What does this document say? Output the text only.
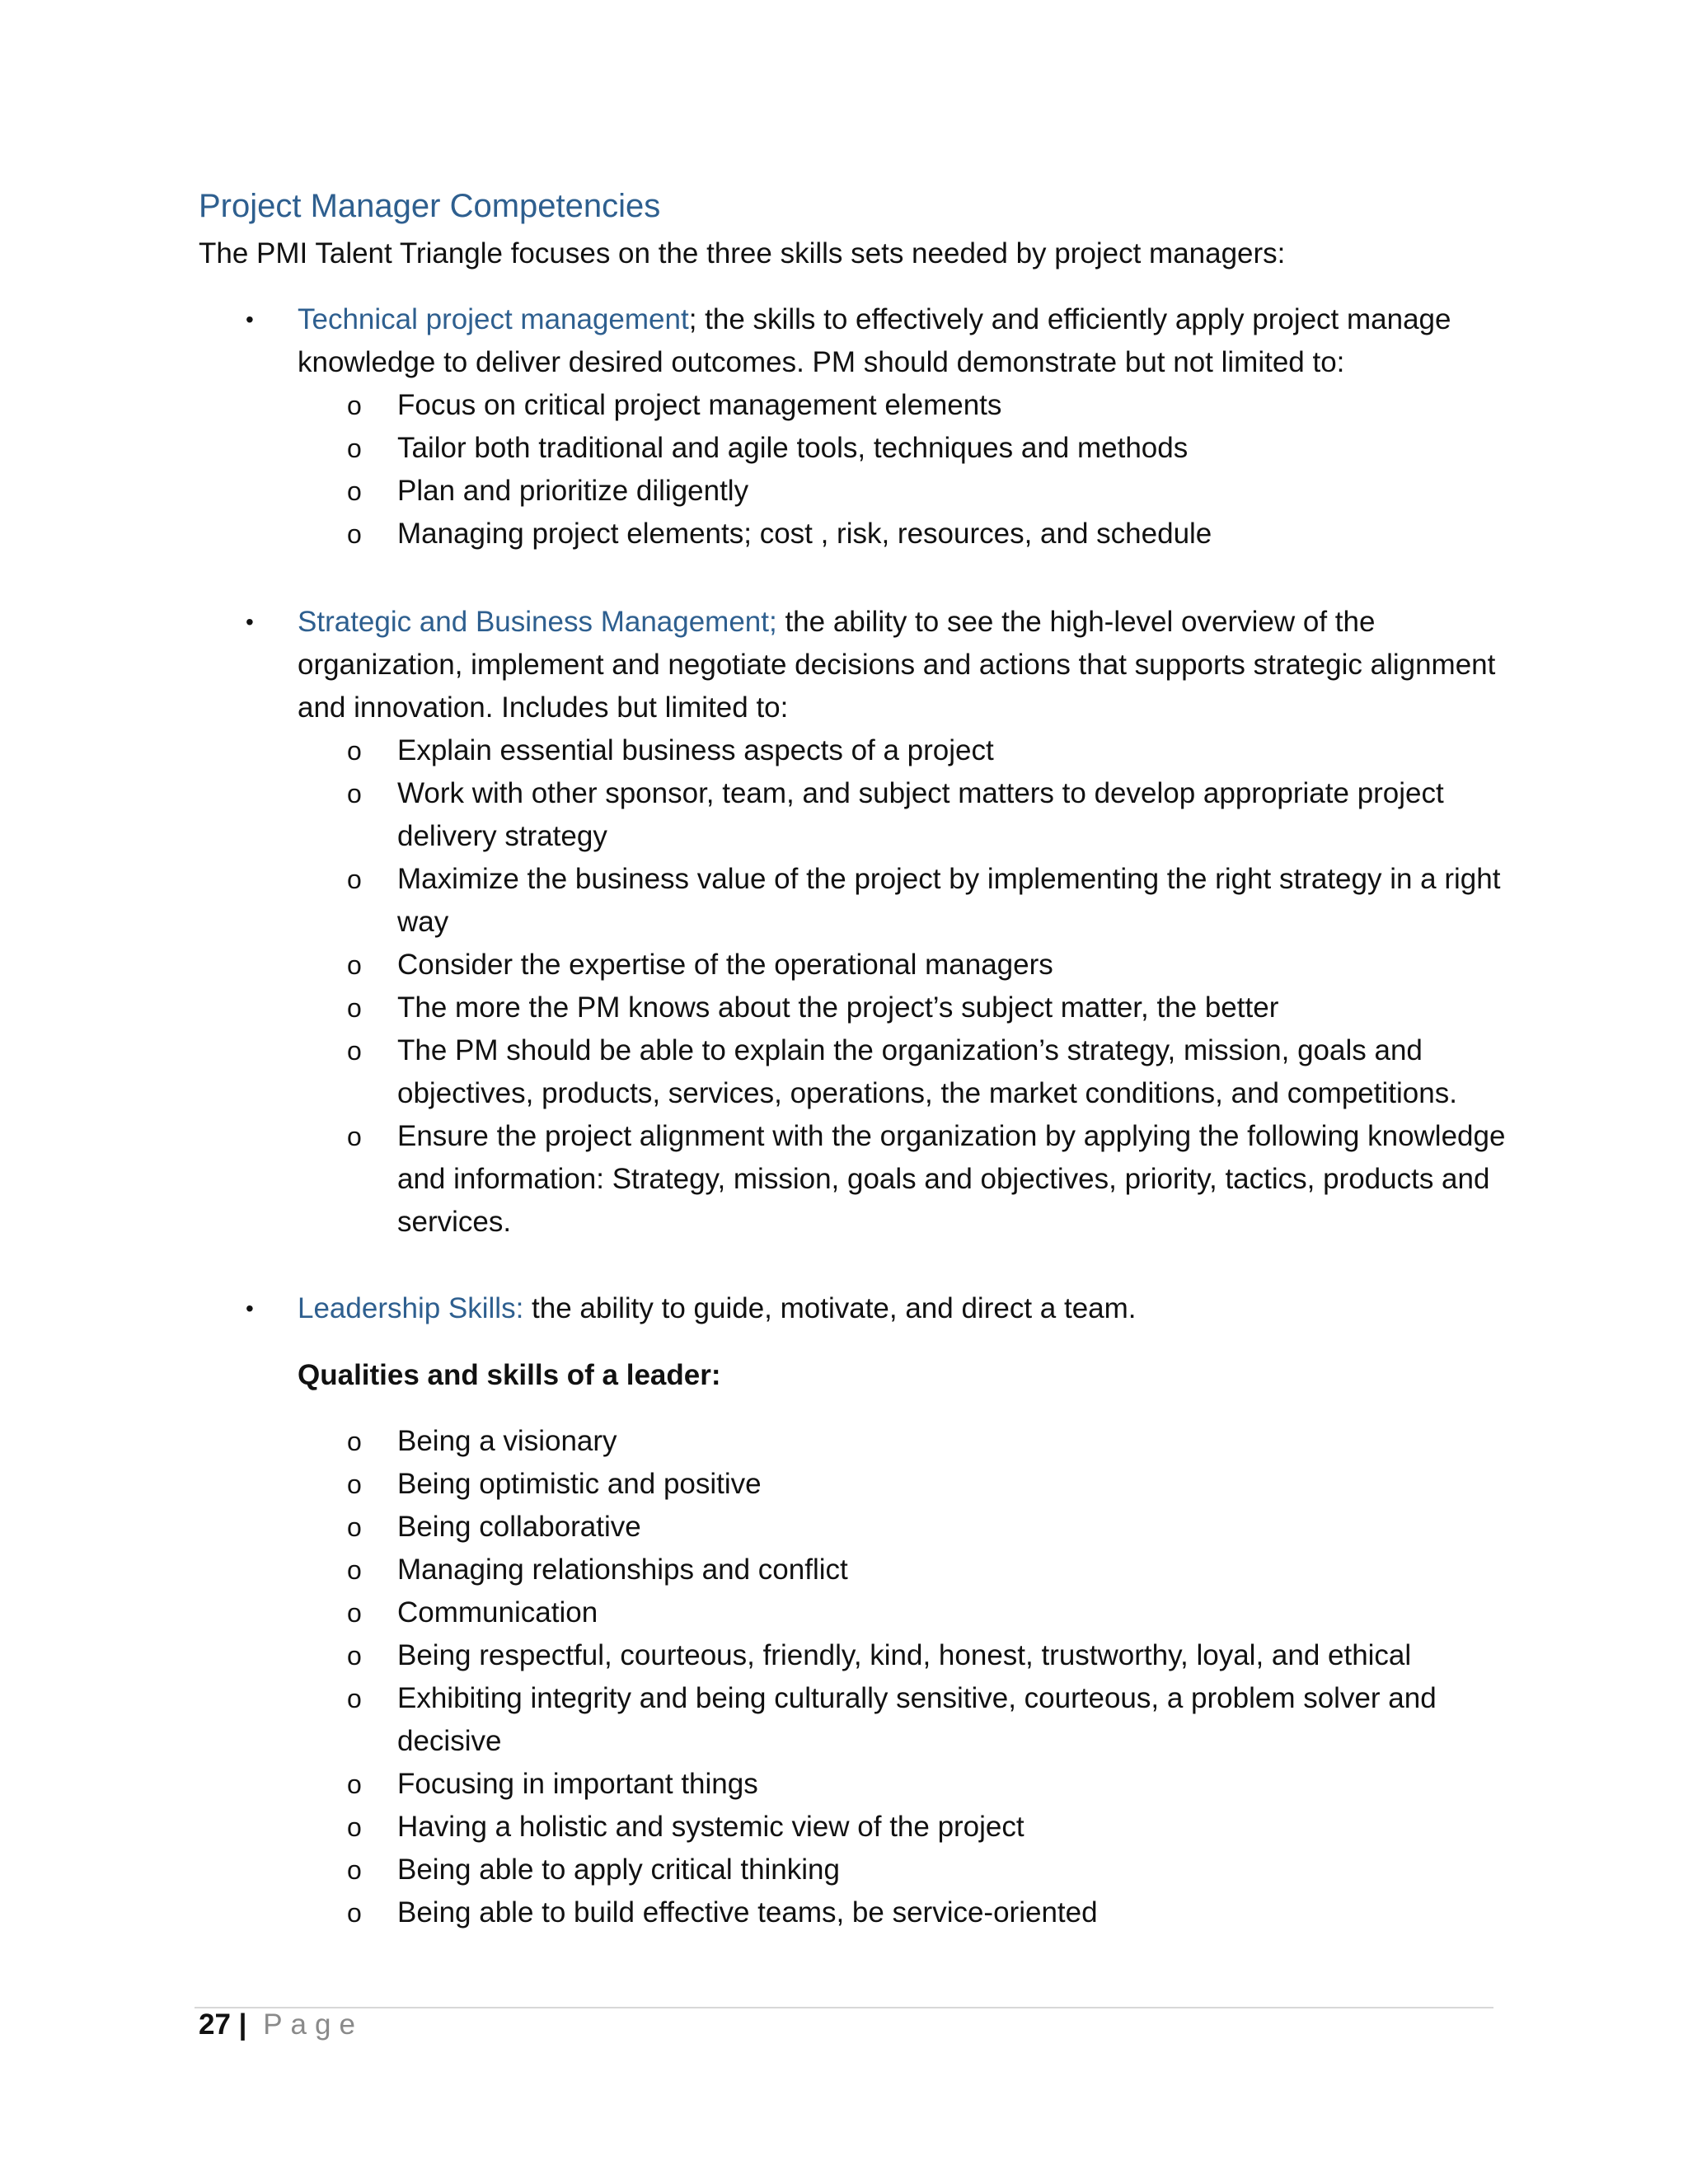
Project Manager Competencies
The PMI Talent Triangle focuses on the three skills sets needed by project managers:
• Technical project management; the skills to effectively and efficiently apply project manage
knowledge to deliver desired outcomes. PM should demonstrate but not limited to:
o Focus on critical project management elements
o Tailor both traditional and agile tools, techniques and methods
o Plan and prioritize diligently
o Managing project elements; cost , risk, resources, and schedule
• Strategic and Business Management; the ability to see the high-level overview of the
organization, implement and negotiate decisions and actions that supports strategic alignment
and innovation. Includes but limited to:
o Explain essential business aspects of a project
o Work with other sponsor, team, and subject matters to develop appropriate project
delivery strategy
o Maximize the business value of the project by implementing the right strategy in a right
way
o Consider the expertise of the operational managers
o The more the PM knows about the project’s subject matter, the better
o The PM should be able to explain the organization’s strategy, mission, goals and
objectives, products, services, operations, the market conditions, and competitions.
o Ensure the project alignment with the organization by applying the following knowledge
and information: Strategy, mission, goals and objectives, priority, tactics, products and
services.
• Leadership Skills: the ability to guide, motivate, and direct a team.
Qualities and skills of a leader:
o Being a visionary
o Being optimistic and positive
o Being collaborative
o Managing relationships and conflict
o Communication
o Being respectful, courteous, friendly, kind, honest, trustworthy, loyal, and ethical
o Exhibiting integrity and being culturally sensitive, courteous, a problem solver and
decisive
o Focusing in important things
o Having a holistic and systemic view of the project
o Being able to apply critical thinking
o Being able to build effective teams, be service-oriented
27 | Page
